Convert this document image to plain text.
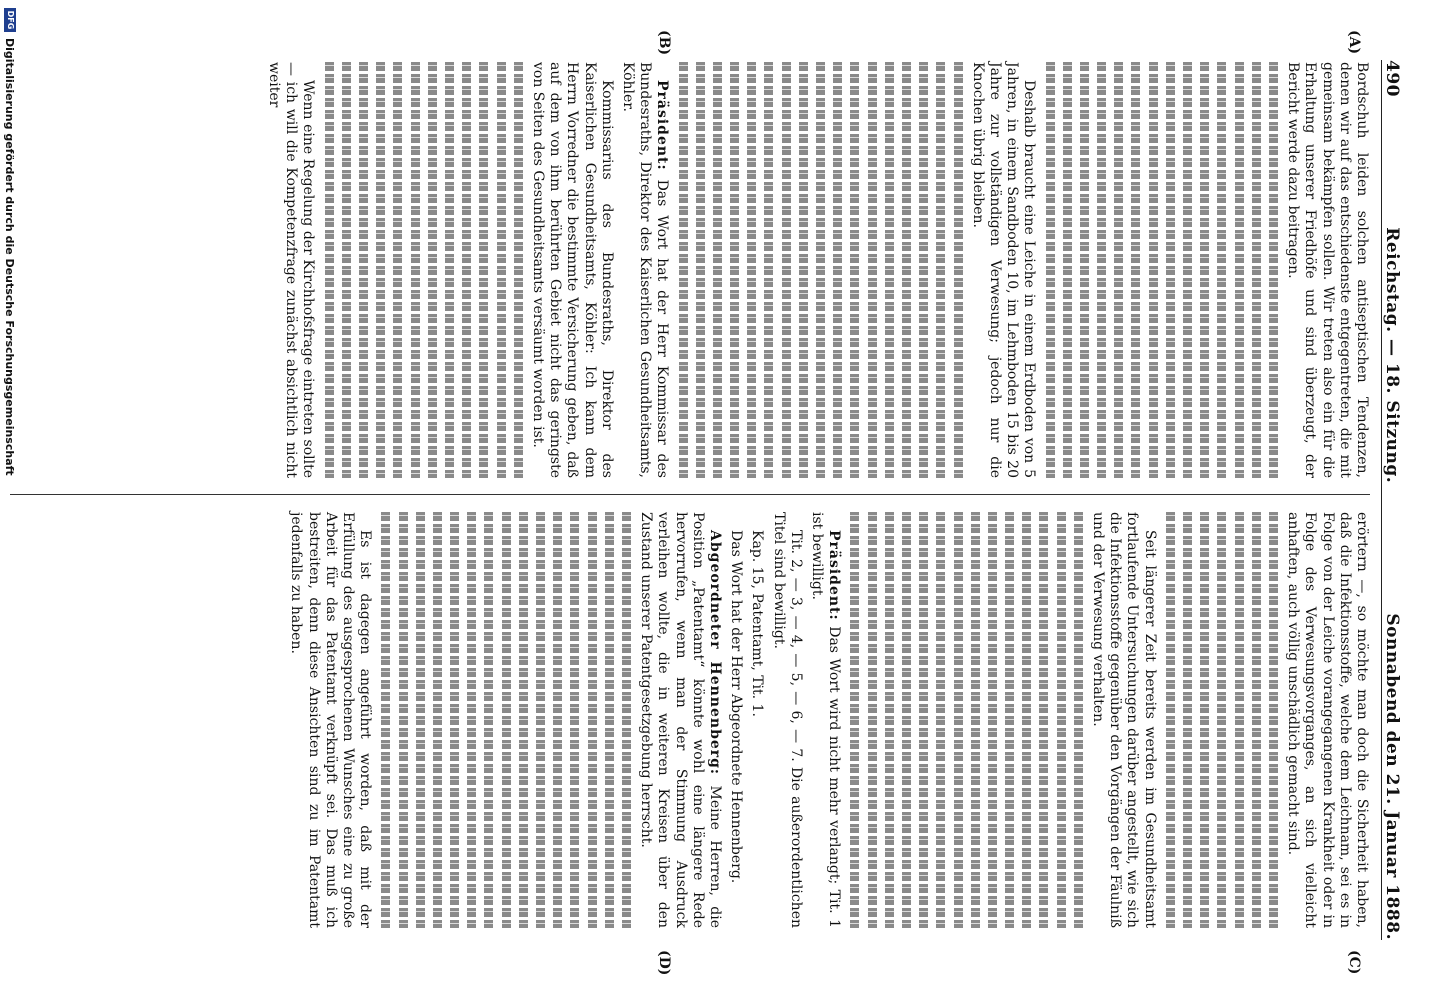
490
Reichstag. — 18. Sitzung.
Sonnabend den 21. Januar 1888.
(A)
(B)
(C)
(D)

Bordschuh leiden solchen antiseptischen Tendenzen, denen wir auf das entschiedenste entgegentreten, die mit gemeinsam bekämpfen sollen. Wir treten also ein für die Erhaltung unserer Friedhöfe und sind überzeugt, der Bericht werde dazu beitragen.

Deshalb braucht eine Leiche in einem Erdboden von 5 Jahren, in einem Sandboden 10, im Lehmboden 15 bis 20 Jahre zur vollständigen Verwesung; jedoch nur die Knochen übrig bleiben.

Präsident: Das Wort hat der Herr Kommissar des Bundesraths, Direktor des Kaiserlichen Gesundheitsamts, Köhler.

Kommissarius des Bundesraths, Direktor des Kaiserlichen Gesundheitsamts, Köhler: Ich kann dem Herrn Vorredner die bestimmte Versicherung geben, daß auf dem von ihm berührten Gebiet nicht das geringste von Seiten des Gesundheitsamts versäumt worden ist.

Wenn eine Regelung der Kirchhofsfrage eintreten sollte — ich will die Kompetenzfrage zunächst absichtlich nicht weiter

erörtern —, so möchte man doch die Sicherheit haben, daß die Infektionsstoffe, welche dem Leichnam, sei es in Folge von der Leiche vorangegangenen Krankheit oder in Folge des Verwesungsvorganges, an sich vielleicht anhaften, auch völlig unschädlich gemacht sind.

Seit längerer Zeit bereits werden im Gesundheitsamt fortlaufende Untersuchungen darüber angestellt, wie sich die Infektionsstoffe gegenüber den Vorgängen der Fäulniß und der Verwesung verhalten.

Präsident: Das Wort wird nicht mehr verlangt; Tit. 1 ist bewilligt.

Tit. 2, — 3, — 4, — 5, — 6, — 7. Die außerordentlichen Titel sind bewilligt.

Kap. 15, Patentamt, Tit. 1.

Das Wort hat der Herr Abgeordnete Hennenberg.

Abgeordneter Hennenberg: Meine Herren, die Position „Patentamt“ könnte wohl eine längere Rede hervorrufen, wenn man der Stimmung Ausdruck verleihen wollte, die in weiteren Kreisen über den Zustand unserer Patentgesetzgebung herrscht.

Es ist dagegen angeführt worden, daß mit der Erfüllung des ausgesprochenen Wunsches eine zu große Arbeit für das Patentamt verknüpft sei. Das muß ich bestreiten, denn diese Ansichten sind zu im Patentamt jedenfalls zu haben.

DFG
Digitalisierung gefördert durch die Deutsche Forschungsgemeinschaft
